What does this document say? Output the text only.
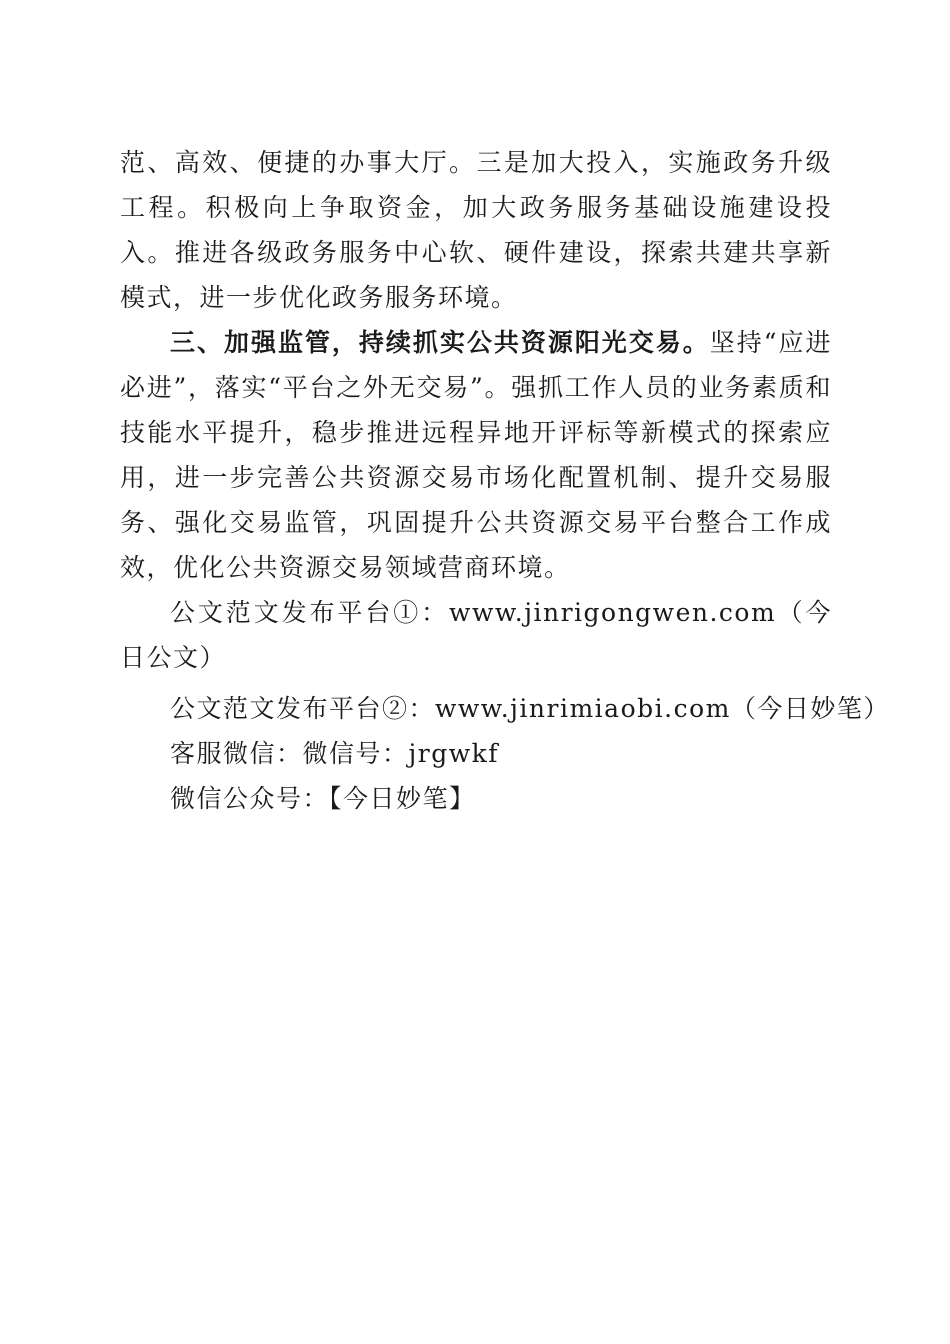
范、高效、便捷的办事大厅。三是加大投入，实施政务升级工程。积极向上争取资金，加大政务服务基础设施建设投入。推进各级政务服务中心软、硬件建设，探索共建共享新模式，进一步优化政务服务环境。

三、加强监管，持续抓实公共资源阳光交易。坚持“应进必进”，落实“平台之外无交易”。强抓工作人员的业务素质和技能水平提升，稳步推进远程异地开评标等新模式的探索应用，进一步完善公共资源交易市场化配置机制、提升交易服务、强化交易监管，巩固提升公共资源交易平台整合工作成效，优化公共资源交易领域营商环境。

公文范文发布平台①：www.jinrigongwen.com（今日公文）

公文范文发布平台②：www.jinrimiaobi.com（今日妙笔）

客服微信：微信号：jrgwkf

微信公众号：【今日妙笔】
